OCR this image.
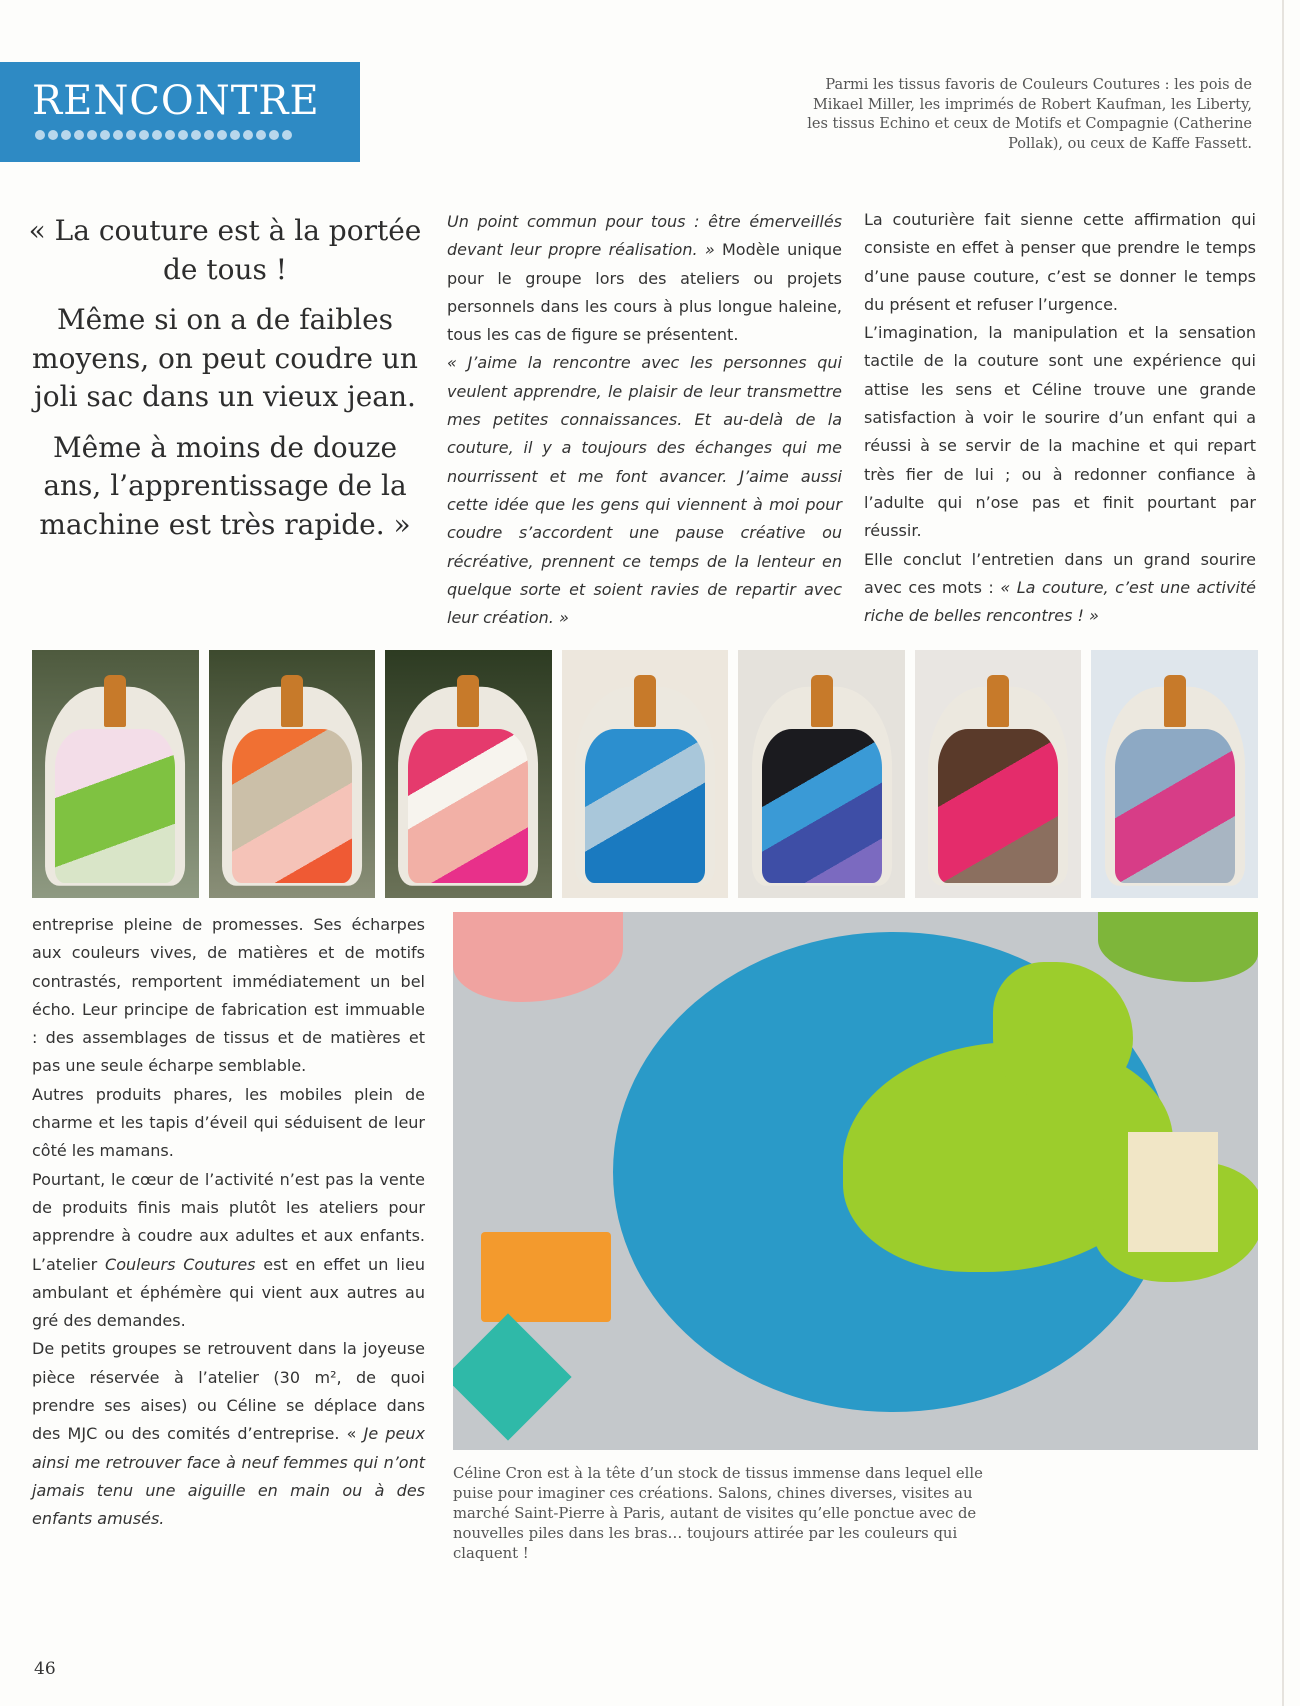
RENCONTRE	Parmi les tissus favoris de Couleurs Coutures : les pois de Mikael Miller, les imprimés de Robert Kaufman, les Liberty, les tissus Echino et ceux de Motifs et Compagnie (Catherine Pollak), ou ceux de Kaffe Fassett.

« La couture est à la portée de tous !

Même si on a de faibles moyens, on peut coudre un joli sac dans un vieux jean.

Même à moins de douze ans, l’apprentissage de la machine est très rapide. »

Un point commun pour tous : être émerveillés devant leur propre réalisation. » Modèle unique pour le groupe lors des ateliers ou projets personnels dans les cours à plus longue haleine, tous les cas de figure se présentent.

« J’aime la rencontre avec les personnes qui veulent apprendre, le plaisir de leur transmettre mes petites connaissances. Et au-delà de la couture, il y a toujours des échanges qui me nourrissent et me font avancer. J’aime aussi cette idée que les gens qui viennent à moi pour coudre s’accordent une pause créative ou récréative, prennent ce temps de la lenteur en quelque sorte et soient ravies de repartir avec leur création. »

La couturière fait sienne cette affirmation qui consiste en effet à penser que prendre le temps d’une pause couture, c’est se donner le temps du présent et refuser l’urgence.

L’imagination, la manipulation et la sensation tactile de la couture sont une expérience qui attise les sens et Céline trouve une grande satisfaction à voir le sourire d’un enfant qui a réussi à se servir de la machine et qui repart très fier de lui ; ou à redonner confiance à l’adulte qui n’ose pas et finit pourtant par réussir.

Elle conclut l’entretien dans un grand sourire avec ces mots : « La couture, c’est une activité riche de belles rencontres ! »

entreprise pleine de promesses. Ses écharpes aux couleurs vives, de matières et de motifs contrastés, remportent immédiatement un bel écho. Leur principe de fabrication est immuable : des assemblages de tissus et de matières et pas une seule écharpe semblable.

Autres produits phares, les mobiles plein de charme et les tapis d’éveil qui séduisent de leur côté les mamans.

Pourtant, le cœur de l’activité n’est pas la vente de produits finis mais plutôt les ateliers pour apprendre à coudre aux adultes et aux enfants. L’atelier Couleurs Coutures est en effet un lieu ambulant et éphémère qui vient aux autres au gré des demandes.

De petits groupes se retrouvent dans la joyeuse pièce réservée à l’atelier (30 m², de quoi prendre ses aises) ou Céline se déplace dans des MJC ou des comités d’entreprise. « Je peux ainsi me retrouver face à neuf femmes qui n’ont jamais tenu une aiguille en main ou à des enfants amusés.

Céline Cron est à la tête d’un stock de tissus immense dans lequel elle puise pour imaginer ces créations. Salons, chines diverses, visites au marché Saint-Pierre à Paris, autant de visites qu’elle ponctue avec de nouvelles piles dans les bras… toujours attirée par les couleurs qui claquent !
46
